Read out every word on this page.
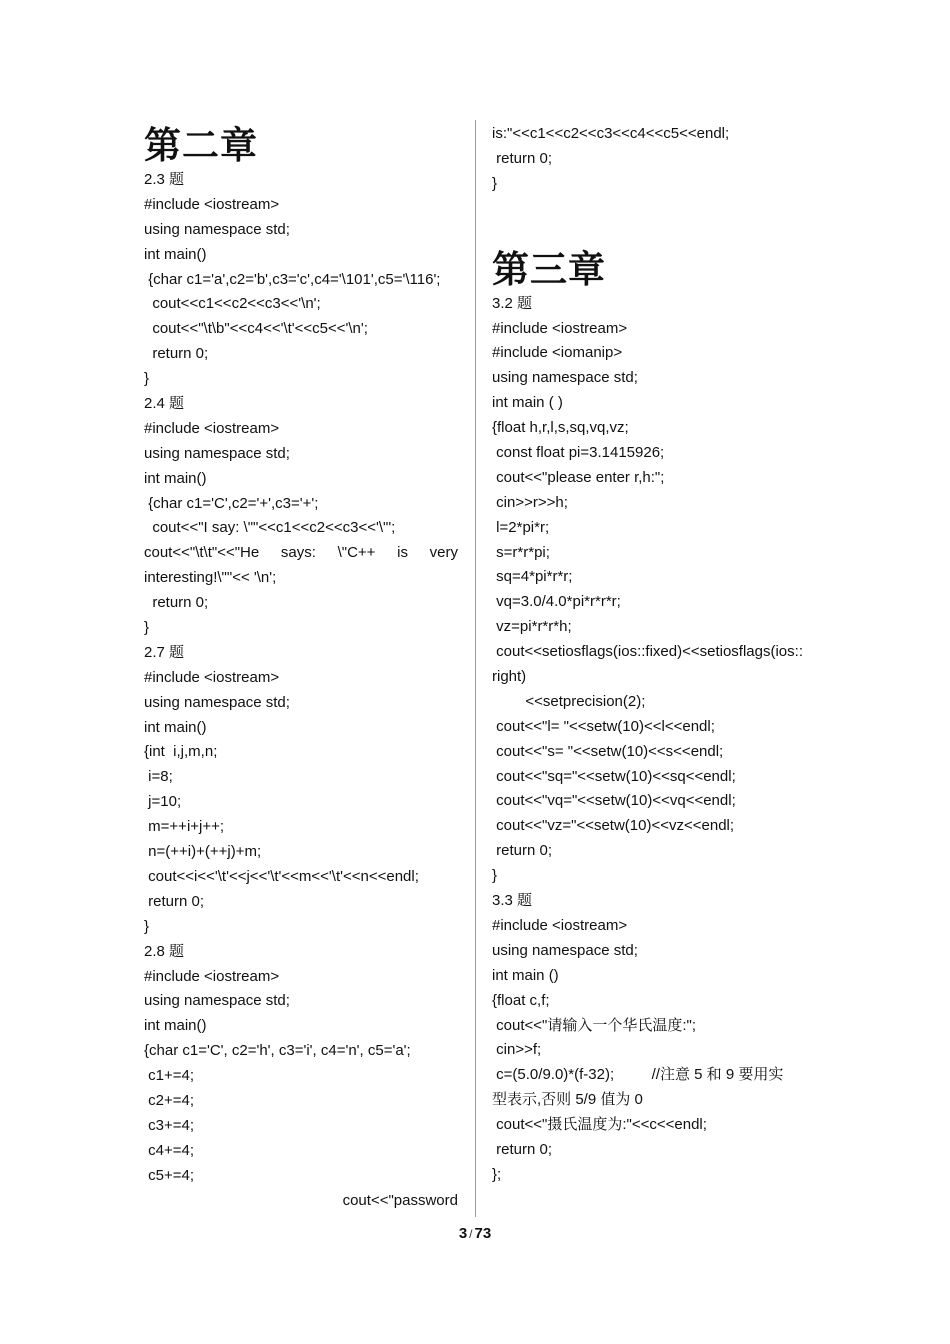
第二章
2.3 题
#include <iostream>
using namespace std;
int main()
{char c1='a',c2='b',c3='c',c4='\101',c5='\116';
cout<<c1<<c2<<c3<<'\n';
cout<<"\t\b"<<c4<<'\t'<<c5<<'\n';
return 0;
}
2.4 题
#include <iostream>
using namespace std;
int main()
{char c1='C',c2='+',c3='+';
cout<<"I say: \""<<c1<<c2<<c3<<'\"';
cout<<"\t\t"<<"He says: \"C++ is very
interesting!\""<< '\n';
return 0;
}
2.7 题
#include <iostream>
using namespace std;
int main()
{int  i,j,m,n;
i=8;
j=10;
m=++i+j++;
n=(++i)+(++j)+m;
cout<<i<<'\t'<<j<<'\t'<<m<<'\t'<<n<<endl;
return 0;
}
2.8 题
#include <iostream>
using namespace std;
int main()
{char c1='C', c2='h', c3='i', c4='n', c5='a';
c1+=4;
c2+=4;
c3+=4;
c4+=4;
c5+=4;
cout<<"password
is:"<<c1<<c2<<c3<<c4<<c5<<endl;
return 0;
}
第三章
3.2 题
#include <iostream>
#include <iomanip>
using namespace std;
int main ( )
{float h,r,l,s,sq,vq,vz;
const float pi=3.1415926;
cout<<"please enter r,h:";
cin>>r>>h;
l=2*pi*r;
s=r*r*pi;
sq=4*pi*r*r;
vq=3.0/4.0*pi*r*r*r;
vz=pi*r*r*h;
cout<<setiosflags(ios::fixed)<<setiosflags(ios::
right)
<<setprecision(2);
cout<<"l= "<<setw(10)<<l<<endl;
cout<<"s= "<<setw(10)<<s<<endl;
cout<<"sq="<<setw(10)<<sq<<endl;
cout<<"vq="<<setw(10)<<vq<<endl;
cout<<"vz="<<setw(10)<<vz<<endl;
return 0;
}
3.3 题
#include <iostream>
using namespace std;
int main ()
{float c,f;
cout<<"请输入一个华氏温度:";
cin>>f;
c=(5.0/9.0)*(f-32);         //注意 5 和 9 要用实
型表示,否则 5/9 值为 0
cout<<"摄氏温度为:"<<c<<endl;
return 0;
};
3 / 73
